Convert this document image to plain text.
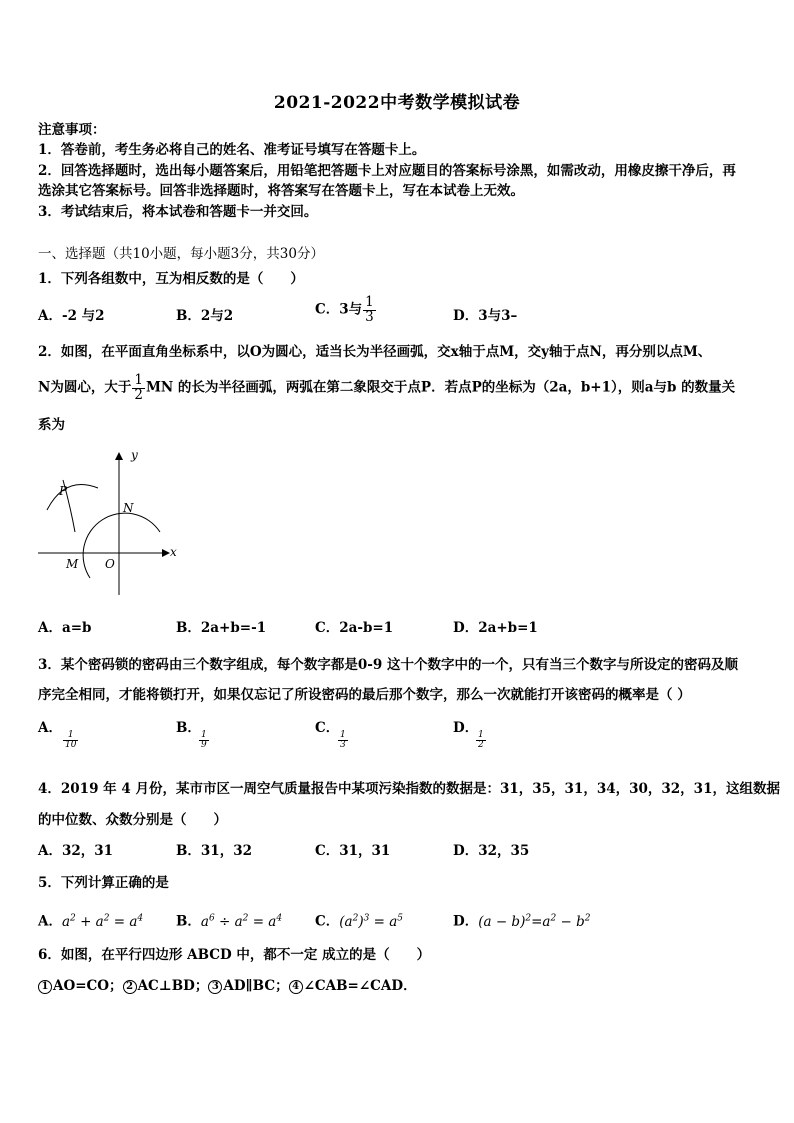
2021-2022中考数学模拟试卷
注意事项：
1．答卷前，考生务必将自己的姓名、准考证号填写在答题卡上。
2．回答选择题时，选出每小题答案后，用铅笔把答题卡上对应题目的答案标号涂黑，如需改动，用橡皮擦干净后，再
选涂其它答案标号。回答非选择题时，将答案写在答题卡上，写在本试卷上无效。
3．考试结束后，将本试卷和答题卡一并交回。
一、选择题（共10小题，每小题3分，共30分）
1．下列各组数中，互为相反数的是（　　）
A．-2 与2	B．2与2	C．3与 $\frac{1}{3}$	D．3与3–
2．如图，在平面直角坐标系中，以O为圆心，适当长为半径画弧，交x轴于点M，交y轴于点N，再分别以点M、
N为圆心，大于 $\frac{1}{2}$ MN 的长为半径画弧，两弧在第二象限交于点P．若点P的坐标为（2a，b+1），则a与b 的数量关
系为
y
x
P
N
M O
A．a=b	B．2a+b=-1	C．2a-b=1	D．2a+b=1
3．某个密码锁的密码由三个数字组成，每个数字都是0-9 这十个数字中的一个，只有当三个数字与所设定的密码及顺
序完全相同，才能将锁打开，如果仅忘记了所设密码的最后那个数字，那么一次就能打开该密码的概率是（ ）
A．
$\frac{1}{10}$
B．
$\frac{1}{9}$
C．
$\frac{1}{3}$
D．
$\frac{1}{2}$
4．2019 年 4 月份，某市市区一周空气质量报告中某项污染指数的数据是：31，35，31，34，30，32，31，这组数据
的中位数、众数分别是（　　）
A．32，31	B．31，32	C．31，31	D．32，35
5．下列计算正确的是
A．$a^2 + a^2 = a^4$ B．$a^6 \div a^2 = a^4$ C．$(a^2)^3 = a^5$	D．$(a - b)^2=a^2 - b^2$
6．如图，在平行四边形 ABCD 中，都不一定 成立的是（　　）
1 AO=CO； 2 AC⊥BD； 3 AD∥BC； 4 ∠CAB=∠CAD．
